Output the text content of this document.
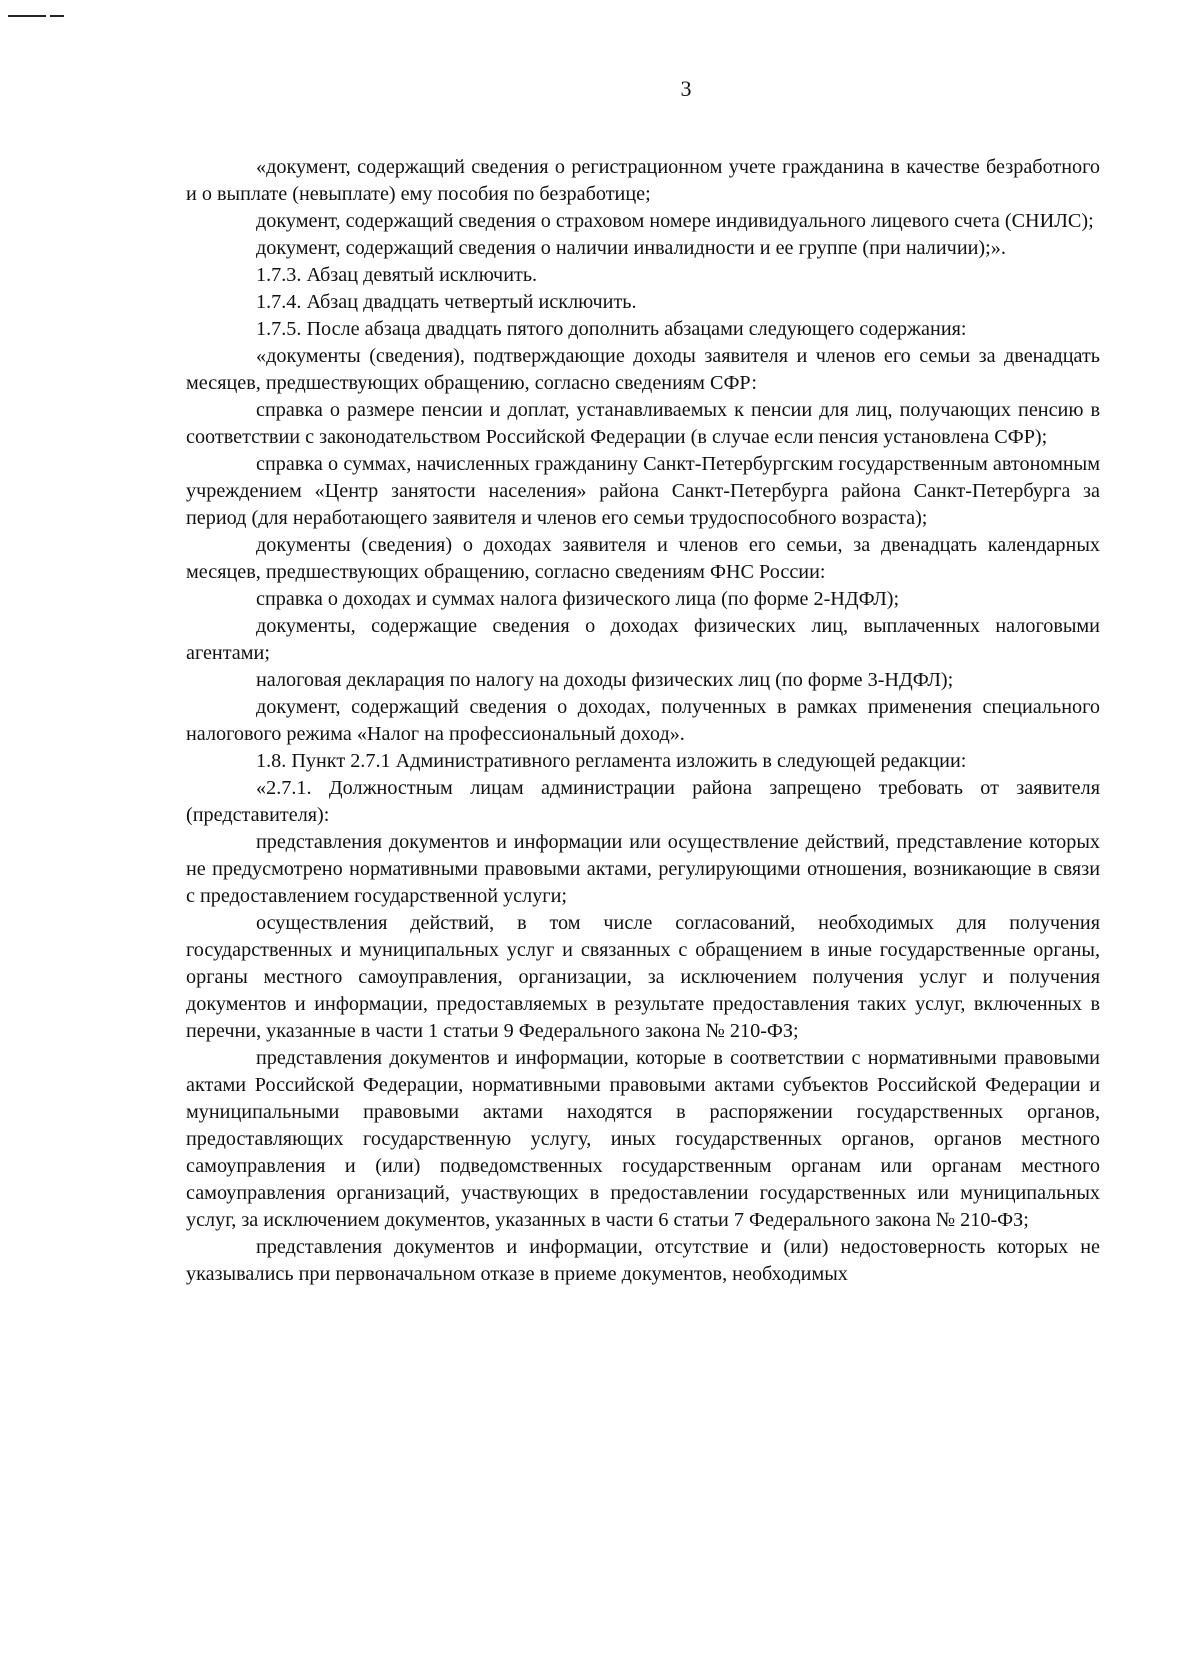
3

«документ, содержащий сведения о регистрационном учете гражданина в качестве безработного и о выплате (невыплате) ему пособия по безработице;

документ, содержащий сведения о страховом номере индивидуального лицевого счета (СНИЛС);

документ, содержащий сведения о наличии инвалидности и ее группе (при наличии);».

1.7.3. Абзац девятый исключить.

1.7.4. Абзац двадцать четвертый исключить.

1.7.5. После абзаца двадцать пятого дополнить абзацами следующего содержания:

«документы (сведения), подтверждающие доходы заявителя и членов его семьи за двенадцать месяцев, предшествующих обращению, согласно сведениям СФР:

справка о размере пенсии и доплат, устанавливаемых к пенсии для лиц, получающих пенсию в соответствии с законодательством Российской Федерации (в случае если пенсия установлена СФР);

справка о суммах, начисленных гражданину Санкт-Петербургским государственным автономным учреждением «Центр занятости населения» района Санкт-Петербурга района Санкт-Петербурга за период (для неработающего заявителя и членов его семьи трудоспособного возраста);

документы (сведения) о доходах заявителя и членов его семьи, за двенадцать календарных месяцев, предшествующих обращению, согласно сведениям ФНС России:

справка о доходах и суммах налога физического лица (по форме 2-НДФЛ);

документы, содержащие сведения о доходах физических лиц, выплаченных налоговыми агентами;

налоговая декларация по налогу на доходы физических лиц (по форме 3-НДФЛ);

документ, содержащий сведения о доходах, полученных в рамках применения специального налогового режима «Налог на профессиональный доход».

1.8. Пункт 2.7.1 Административного регламента изложить в следующей редакции:

«2.7.1. Должностным лицам администрации района запрещено требовать от заявителя (представителя):

представления документов и информации или осуществление действий, представление которых не предусмотрено нормативными правовыми актами, регулирующими отношения, возникающие в связи с предоставлением государственной услуги;

осуществления действий, в том числе согласований, необходимых для получения государственных и муниципальных услуг и связанных с обращением в иные государственные органы, органы местного самоуправления, организации, за исключением получения услуг и получения документов и информации, предоставляемых в результате предоставления таких услуг, включенных в перечни, указанные в части 1 статьи 9 Федерального закона № 210-ФЗ;

представления документов и информации, которые в соответствии с нормативными правовыми актами Российской Федерации, нормативными правовыми актами субъектов Российской Федерации и муниципальными правовыми актами находятся в распоряжении государственных органов, предоставляющих государственную услугу, иных государственных органов, органов местного самоуправления и (или) подведомственных государственным органам или органам местного самоуправления организаций, участвующих в предоставлении государственных или муниципальных услуг, за исключением документов, указанных в части 6 статьи 7 Федерального закона № 210-ФЗ;

представления документов и информации, отсутствие и (или) недостоверность которых не указывались при первоначальном отказе в приеме документов, необходимых
